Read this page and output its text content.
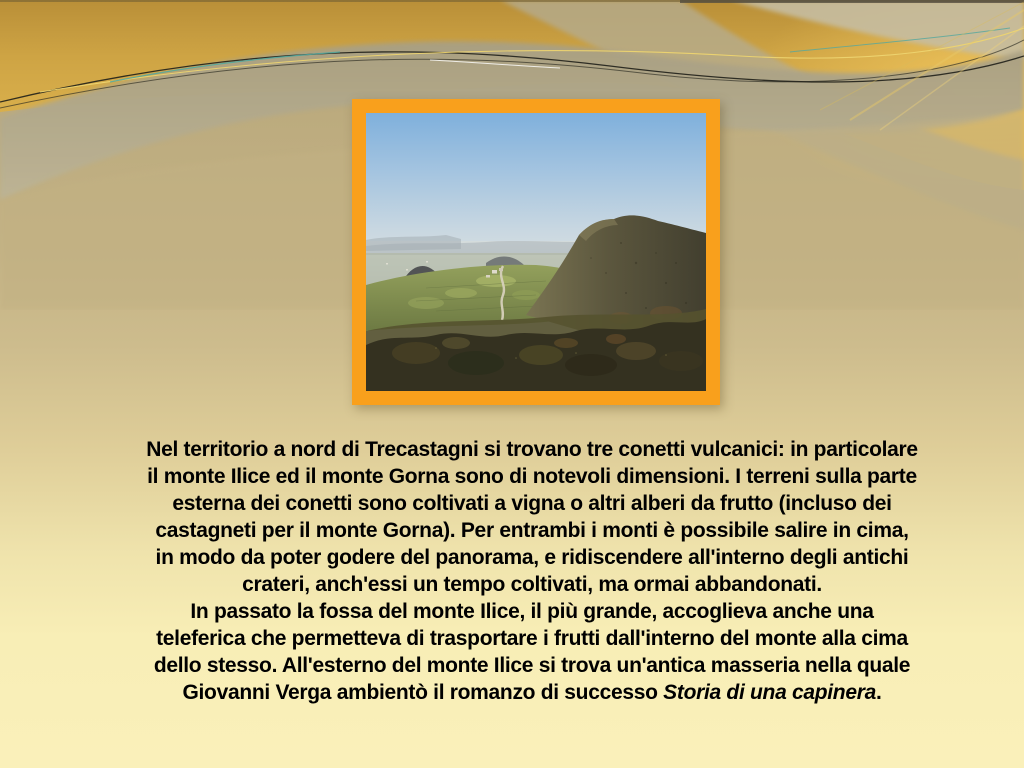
Nel territorio a nord di Trecastagni si trovano tre conetti vulcanici: in particolare
il monte Ilice ed il monte Gorna sono di notevoli dimensioni. I terreni sulla parte
esterna dei conetti sono coltivati a vigna o altri alberi da frutto (incluso dei
castagneti per il monte Gorna). Per entrambi i monti è possibile salire in cima,
in modo da poter godere del panorama, e ridiscendere all'interno degli antichi
crateri, anch'essi un tempo coltivati, ma ormai abbandonati.
In passato la fossa del monte Ilice, il più grande, accoglieva anche una
teleferica che permetteva di trasportare i frutti dall'interno del monte alla cima
dello stesso. All'esterno del monte Ilice si trova un'antica masseria nella quale
Giovanni Verga ambientò il romanzo di successo Storia di una capinera.
